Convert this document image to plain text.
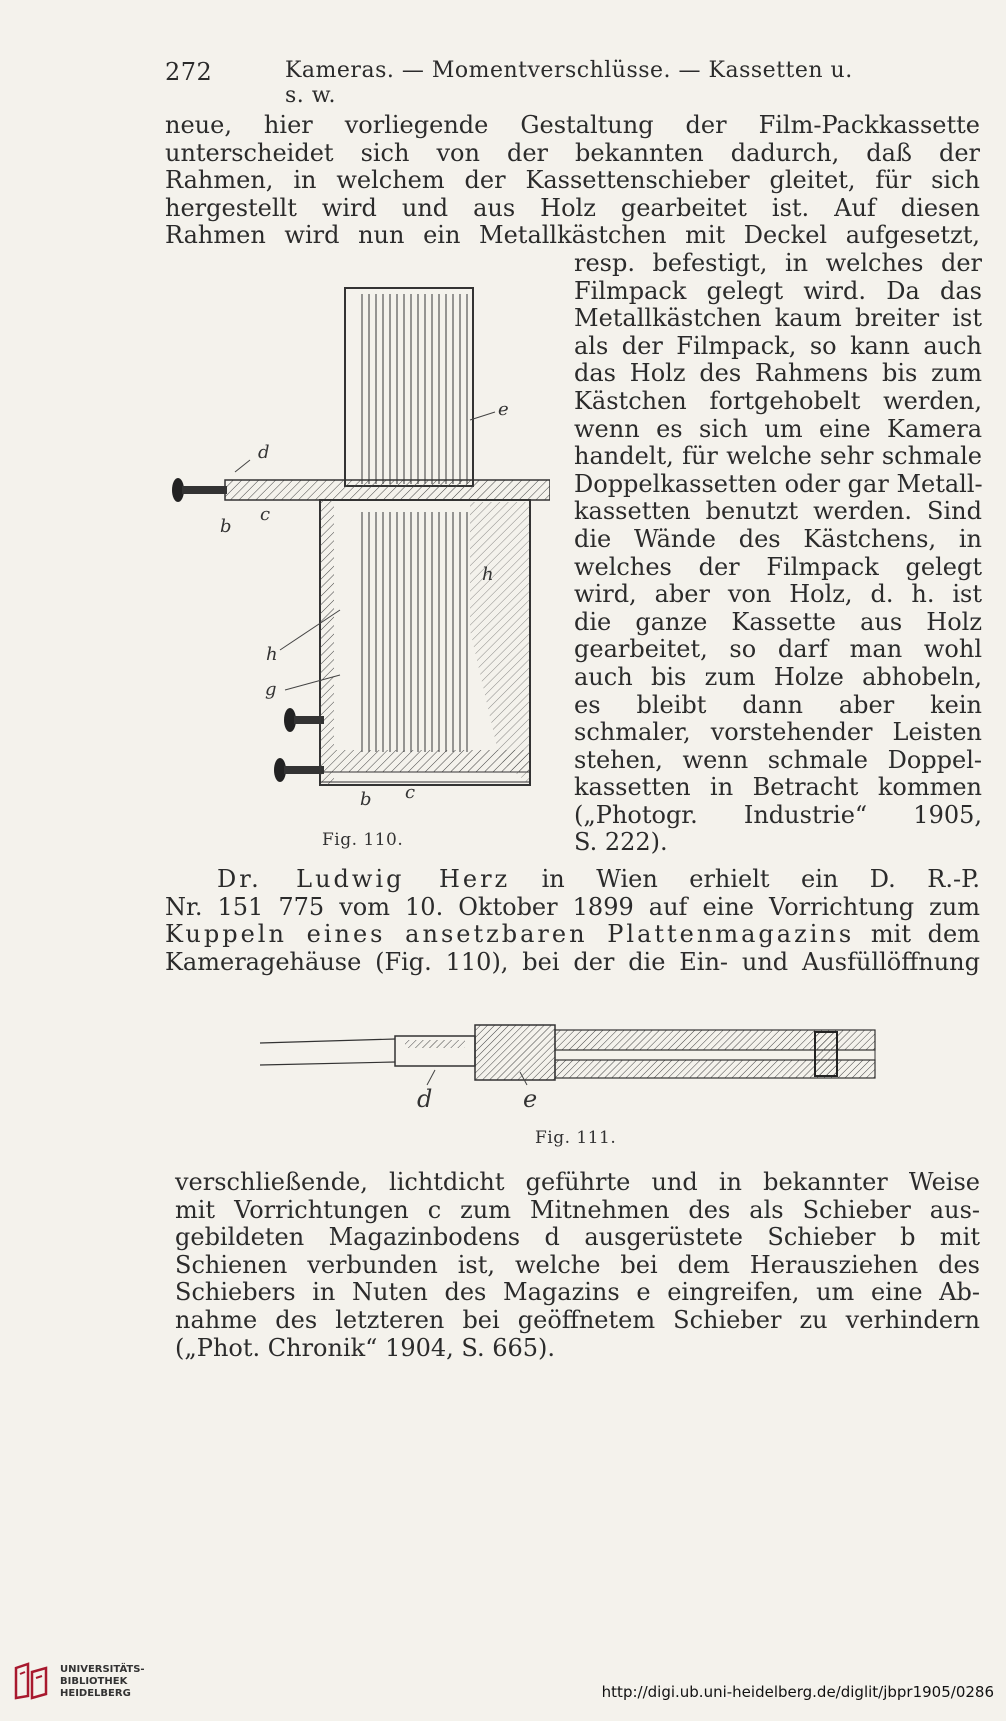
272	Kameras. — Momentverschlüsse. — Kassetten u. s. w.
neue, hier vorliegende Gestaltung der Film-Packkassette
unterscheidet sich von der bekannten dadurch, daß der
Rahmen, in welchem der Kassettenschieber gleitet, für sich
hergestellt wird und aus Holz gearbeitet ist. Auf diesen
Rahmen wird nun ein Metallkästchen mit Deckel aufgesetzt,
resp. befestigt, in welches der
Filmpack gelegt wird. Da das
Metallkästchen kaum breiter ist
als der Filmpack, so kann auch
das Holz des Rahmens bis zum
Kästchen fortgehobelt werden,
wenn es sich um eine Kamera
handelt, für welche sehr schmale
Doppelkassetten oder gar Metall-
kassetten benutzt werden. Sind
die Wände des Kästchens, in
welches der Filmpack gelegt
wird, aber von Holz, d. h. ist
die ganze Kassette aus Holz
gearbeitet, so darf man wohl
auch bis zum Holze abhobeln,
es bleibt dann aber kein
schmaler, vorstehender Leisten
stehen, wenn schmale Doppel-
kassetten in Betracht kommen
(„Photogr. Industrie“ 1905,
S. 222).
e
d
b
c
h
h
g
b c
Fig. 110.
Dr. Ludwig Herz in Wien erhielt ein D. R.-P.
Nr. 151 775 vom 10. Oktober 1899 auf eine Vorrichtung zum
Kuppeln eines ansetzbaren Plattenmagazins mit dem
Kameragehäuse (Fig. 110), bei der die Ein- und Ausfüllöffnung
d	e
Fig. 111.
verschließende, lichtdicht geführte und in bekannter Weise
mit Vorrichtungen c zum Mitnehmen des als Schieber aus-
gebildeten Magazinbodens d ausgerüstete Schieber b mit
Schienen verbunden ist, welche bei dem Herausziehen des
Schiebers in Nuten des Magazins e eingreifen, um eine Ab-
nahme des letzteren bei geöffnetem Schieber zu verhindern
(„Phot. Chronik“ 1904, S. 665).
UNIVERSITÄTS-
BIBLIOTHEK
HEIDELBERG	http://digi.ub.uni-heidelberg.de/diglit/jbpr1905/0286
